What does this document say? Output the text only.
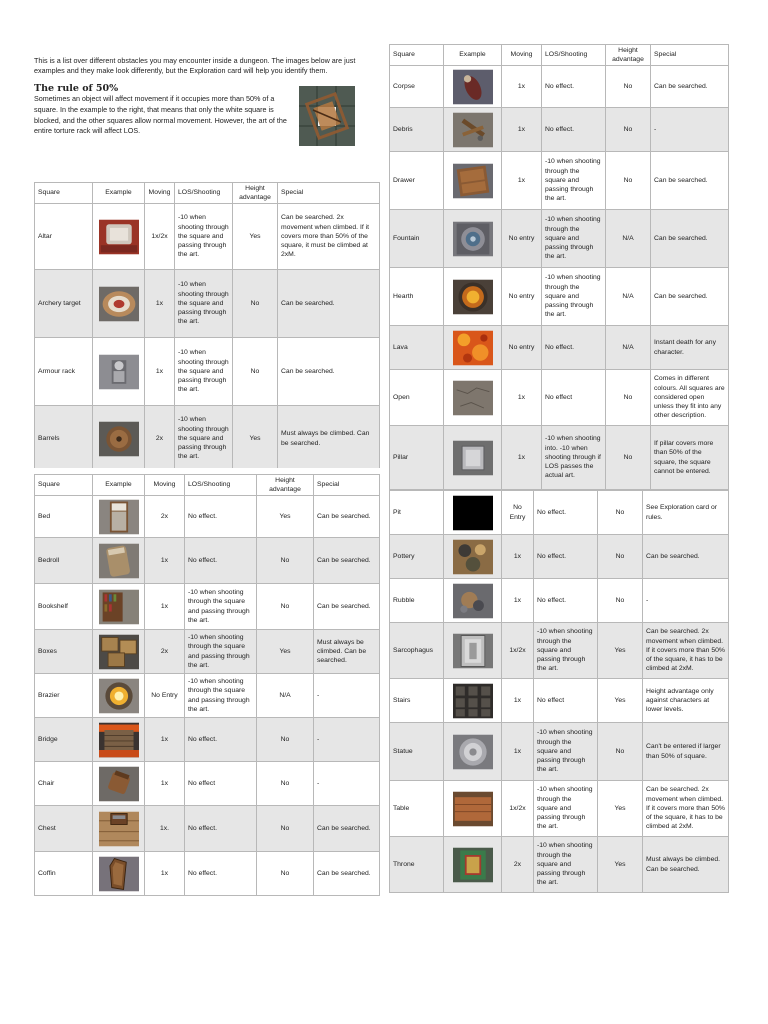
This is a list over different obstacles you may encounter inside a dungeon. The images below are just examples and they make look differently, but the Exploration card will help you identify them.

The rule of 50%
Sometimes an object will affect movement if it occupies more than 50% of a square. In the example to the right, that means that only the white square is blocked, and the other squares allow normal movement. However, the art of the entire torture rack will affect LOS.
Square	Example	Moving	LOS/Shooting	Height advantage	Special
Altar		1x/2x	-10 when shooting through the square and passing through the art.	Yes	Can be searched. 2x movement when climbed. If it covers more than 50% of the square, it must be climbed at 2xM.
Archery target		1x	-10 when shooting through the square and passing through the art.	No	Can be searched.
Armour rack		1x	-10 when shooting through the square and passing through the art.	No	Can be searched.
Barrels		2x	-10 when shooting through the square and passing through the art.	Yes	Must always be climbed. Can be searched.
Square	Example	Moving	LOS/Shooting	Height advantage	Special
Bed		2x	No effect.	Yes	Can be searched.
Bedroll		1x	No effect.	No	Can be searched.
Bookshelf		1x	-10 when shooting through the square and passing through the art.	No	Can be searched.
Boxes		2x	-10 when shooting through the square and passing through the art.	Yes	Must always be climbed. Can be searched.
Brazier		No Entry	-10 when shooting through the square and passing through the art.	N/A	-
Bridge		1x	No effect.	No	-
Chair		1x	No effect	No	-
Chest		1x.	No effect.	No	Can be searched.
Coffin		1x	No effect.	No	Can be searched.
Square	Example	Moving	LOS/Shooting	Height advantage	Special
Corpse		1x	No effect.	No	Can be searched.
Debris		1x	No effect.	No	-
Drawer		1x	-10 when shooting through the square and passing through the art.	No	Can be searched.
Fountain		No entry	-10 when shooting through the square and passing through the art.	N/A	Can be searched.
Hearth		No entry	-10 when shooting through the square and passing through the art.	N/A	Can be searched.
Lava		No entry	No effect.	N/A	Instant death for any character.
Open		1x	No effect	No	Comes in different colours. All squares are considered open unless they fit into any other description.
Pillar		1x	-10 when shooting into. -10 when shooting through if LOS passes the actual art.	No	If pillar covers more than 50% of the square, the square cannot be entered.
Pit		No Entry	No effect.	No	See Exploration card or rules.
Pottery		1x	No effect.	No	Can be searched.
Rubble		1x	No effect.	No	-
Sarcophagus		1x/2x	-10 when shooting through the square and passing through the art.	Yes	Can be searched. 2x movement when climbed. If it covers more than 50% of the square, it has to be climbed at 2xM.
Stairs		1x	No effect	Yes	Height advantage only against characters at lower levels.
Statue		1x	-10 when shooting through the square and passing through the art.	No	Can't be entered if larger than 50% of square.
Table		1x/2x	-10 when shooting through the square and passing through the art.	Yes	Can be searched. 2x movement when climbed. If it covers more than 50% of the square, it has to be climbed at 2xM.
Throne		2x	-10 when shooting through the square and passing through the art.	Yes	Must always be climbed. Can be searched.
